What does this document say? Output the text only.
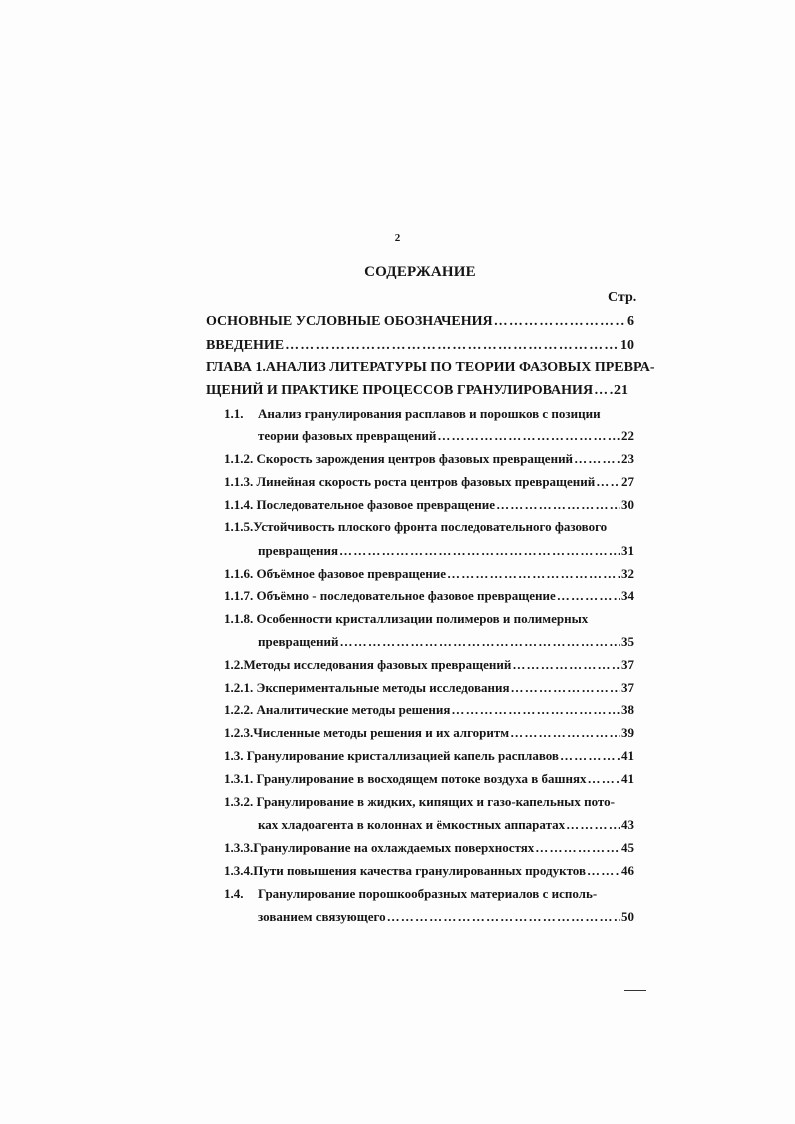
2
СОДЕРЖАНИЕ
Стр.
ОСНОВНЫЕ УСЛОВНЫЕ ОБОЗНАЧЕНИЯ ……………………………………………………………………………………………………………………………………………………	6
ВВЕДЕНИЕ ……………………………………………………………………………………………………………………………………………………	10
ГЛАВА 1.АНАЛИЗ ЛИТЕРАТУРЫ ПО ТЕОРИИ ФАЗОВЫХ ПРЕВРА-
ЩЕНИЙ И ПРАКТИКЕ ПРОЦЕССОВ ГРАНУЛИРОВАНИЯ …………………………………………………………………………………………………………………………………………………… 21
1.1. Анализ гранулирования расплавов и порошков с позиции
теории фазовых превращений ……………………………………………………………………………………………………………………………………………………	22
1.1.2.
Скорость зарождения центров фазовых превращений ……………………………………………………………………………………………………………………………………………………	23
1.1.3.
Линейная скорость роста центров фазовых превращений …………………………………………………………………………………………………………………………………………………… 27
1.1.4.
Последовательное фазовое превращение ……………………………………………………………………………………………………………………………………………………	30
1.1.5.Устойчивость плоского фронта последовательного фазового
превращения ……………………………………………………………………………………………………………………………………………………	31
1.1.6.
Объёмное фазовое превращение ……………………………………………………………………………………………………………………………………………………	32
1.1.7.
Объёмно - последовательное фазовое превращение ……………………………………………………………………………………………………………………………………………………	34
1.1.8. Особенности кристаллизации полимеров и полимерных
превращений ……………………………………………………………………………………………………………………………………………………	35
1.2. Методы исследования фазовых превращений ……………………………………………………………………………………………………………………………………………………	37
1.2.1.
Экспериментальные методы исследования ……………………………………………………………………………………………………………………………………………………	37
1.2.2.
Аналитические методы решения ……………………………………………………………………………………………………………………………………………………	38
1.2.3. Численные методы решения и их алгоритм ……………………………………………………………………………………………………………………………………………………	39
1.3.
Гранулирование кристаллизацией капель расплавов ……………………………………………………………………………………………………………………………………………………	41
1.3.1.
Гранулирование в восходящем потоке воздуха в башнях ……………………………………………………………………………………………………………………………………………………	41
1.3.2. Гранулирование в жидких, кипящих и газо-капельных пото-
ках хладоагента в колоннах и ёмкостных аппаратах ……………………………………………………………………………………………………………………………………………………	43
1.3.3. Гранулирование на охлаждаемых поверхностях ……………………………………………………………………………………………………………………………………………………	45
1.3.4. Пути повышения качества гранулированных продуктов ……………………………………………………………………………………………………………………………………………………	46
1.4. Гранулирование порошкообразных материалов с исполь-
зованием связующего ……………………………………………………………………………………………………………………………………………………	50
